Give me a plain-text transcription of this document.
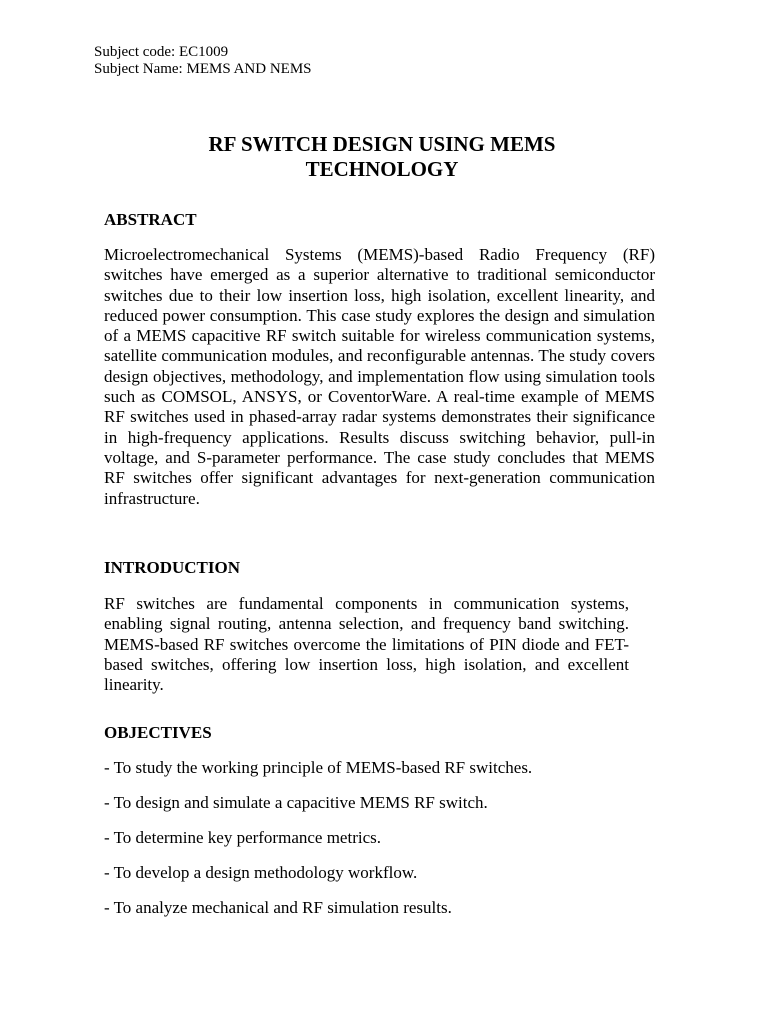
Subject code: EC1009
Subject Name: MEMS AND NEMS
RF SWITCH DESIGN USING MEMS
TECHNOLOGY
ABSTRACT

Microelectromechanical Systems (MEMS)-based Radio Frequency (RF) switches have emerged as a superior alternative to traditional semiconductor switches due to their low insertion loss, high isolation, excellent linearity, and reduced power consumption. This case study explores the design and simulation of a MEMS capacitive RF switch suitable for wireless communication systems, satellite communication modules, and reconfigurable antennas. The study covers design objectives, methodology, and implementation flow using simulation tools such as COMSOL, ANSYS, or CoventorWare. A real-time example of MEMS RF switches used in phased-array radar systems demonstrates their significance in high-frequency applications. Results discuss switching behavior, pull-in voltage, and S-parameter performance. The case study concludes that MEMS RF switches offer significant advantages for next-generation communication infrastructure.

INTRODUCTION

RF switches are fundamental components in communication systems, enabling signal routing, antenna selection, and frequency band switching. MEMS-based RF switches overcome the limitations of PIN diode and FET-based switches, offering low insertion loss, high isolation, and excellent linearity.

OBJECTIVES
- To study the working principle of MEMS-based RF switches.
- To design and simulate a capacitive MEMS RF switch.
- To determine key performance metrics.
- To develop a design methodology workflow.
- To analyze mechanical and RF simulation results.
